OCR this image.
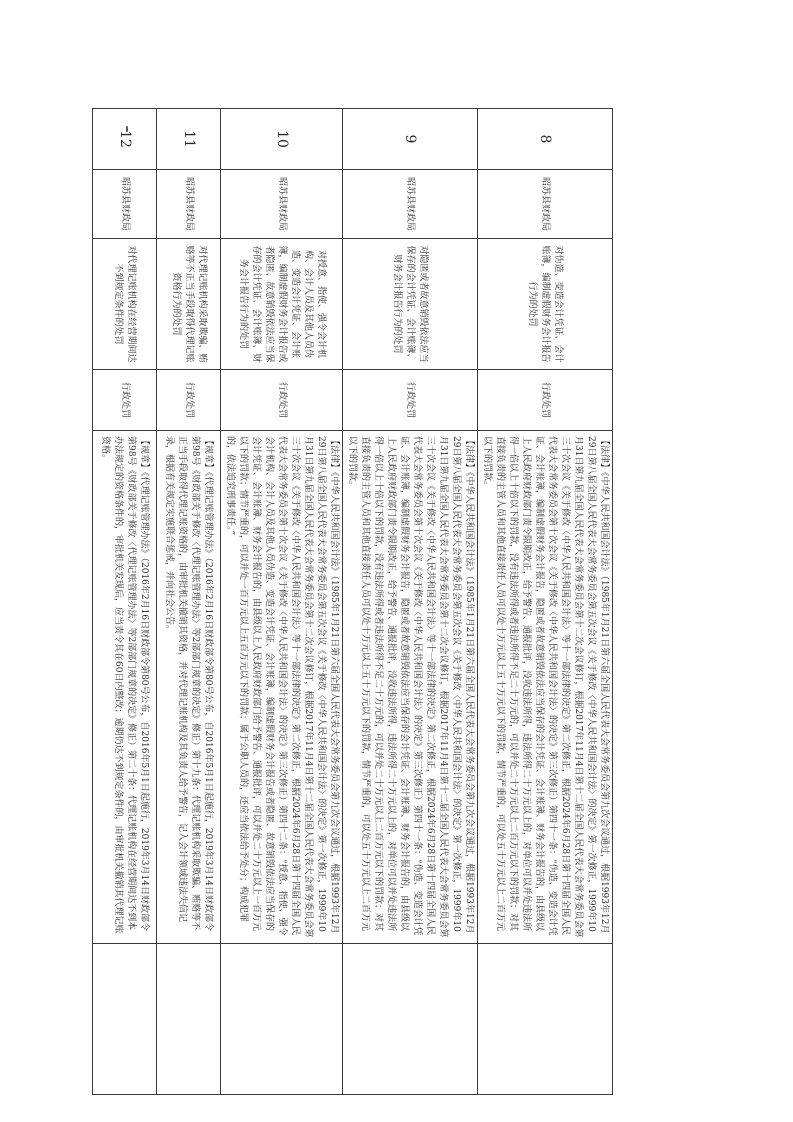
8	昭苏县财政局	对伪造、变造会计凭证、会计账簿，编制虚假财务会计报告行为的处罚	行政处罚	【法律】《中华人民共和国会计法》（1985年1月21日第六届全国人民代表大会常务委员会第九次会议通过，根据1993年12月29日第八届全国人民代表大会常务委员会第五次会议《关于修改〈中华人民共和国会计法〉的决定》第一次修正，1999年10月31日第九届全国人民代表大会常务委员会第十二次会议修订，根据2017年11月4日第十二届全国人民代表大会常务委员会第三十次会议《关于修改〈中华人民共和国会计法〉等十一部法律的决定》第二次修正，根据2024年6月28日第十四届全国人民代表大会常务委员会第十次会议《关于修改〈中华人民共和国会计法〉的决定》第三次修正）第四十一条：“伪造、变造会计凭证、会计账簿，编制虚假财务会计报告，隐匿或者故意销毁依法应当保存的会计凭证、会计账簿、财务会计报告的，由县级以上人民政府财政部门责令限期改正，给予警告、通报批评，没收违法所得，违法所得二十万元以上的，对单位可以并处违法所得一倍以上十倍以下的罚款，没有违法所得或者违法所得不足二十万元的，可以并处二十万元以上二百万元以下的罚款；对其直接负责的主管人员和其他直接责任人员可以处十万元以上五十万元以下的罚款，情节严重的，可以处五十万元以上二百万元以下的罚款。	
9	昭苏县财政局	对隐匿或者故意销毁依法应当保存的会计凭证、会计账簿、财务会计报告行为的处罚	行政处罚	【法律】《中华人民共和国会计法》（1985年1月21日第六届全国人民代表大会常务委员会第九次会议通过，根据1993年12月29日第八届全国人民代表大会常务委员会第五次会议《关于修改〈中华人民共和国会计法〉的决定》第一次修正，1999年10月31日第九届全国人民代表大会常务委员会第十二次会议修订，根据2017年11月4日第十二届全国人民代表大会常务委员会第三十次会议《关于修改〈中华人民共和国会计法〉等十一部法律的决定》第二次修正，根据2024年6月28日第十四届全国人民代表大会常务委员会第十次会议《关于修改〈中华人民共和国会计法〉的决定》第三次修正）第四十一条：“伪造、变造会计凭证、会计账簿，编制虚假财务会计报告，隐匿或者故意销毁依法应当保存的会计凭证、会计账簿、财务会计报告的，由县级以上人民政府财政部门责令限期改正，给予警告、通报批评，没收违法所得，违法所得二十万元以上的，对单位可以并处违法所得一倍以上十倍以下的罚款，没有违法所得或者违法所得不足二十万元的，可以并处二十万元以上二百万元以下的罚款；对其直接负责的主管人员和其他直接责任人员可以处十万元以上五十万元以下的罚款，情节严重的，可以处五十万元以上二百万元以下的罚款。	
10	昭苏县财政局	对授意、指使、强令会计机构、会计人员及其他人员伪造、变造会计凭证、会计账簿，编制虚假财务会计报告或者隐匿、故意销毁依法应当保存的会计凭证、会计账簿、财务会计报告行为的处罚	行政处罚	【法律】《中华人民共和国会计法》（1985年1月21日第六届全国人民代表大会常务委员会第九次会议通过，根据1993年12月29日第八届全国人民代表大会常务委员会第五次会议《关于修改〈中华人民共和国会计法〉的决定》第一次修正，1999年10月31日第九届全国人民代表大会常务委员会第十二次会议修订，根据2017年11月4日第十二届全国人民代表大会常务委员会第三十次会议《关于修改〈中华人民共和国会计法〉等十一部法律的决定》第二次修正，根据2024年6月28日第十四届全国人民代表大会常务委员会第十次会议《关于修改〈中华人民共和国会计法〉的决定》第三次修正）第四十二条：“授意、指使、强令会计机构、会计人员及其他人员伪造、变造会计凭证、会计账簿，编制虚假财务会计报告或者隐匿、故意销毁依法应当保存的会计凭证、会计账簿、财务会计报告的，由县级以上人民政府财政部门给予警告、通报批评，可以并处二十万元以上一百万元以下的罚款；情节严重的，可以并处一百万元以上五百万元以下的罚款；属于公职人员的，还应当依法给予处分；构成犯罪的，依法追究刑事责任。”	
11	昭苏县财政局	对代理记账机构采取欺骗、贿赂等不正当手段取得代理记账资格行为的处罚	行政处罚	【规章】《代理记账管理办法》（2016年2月16日财政部令第80号公布，自2016年5月1日起施行，2019年3月14日财政部令第98号《财政部关于修改〈代理记账管理办法〉等2部部门规章的决定》修正）第十九条：代理记账机构采取欺骗、贿赂等不正当手段取得代理记账资格的，由审批机关撤销其资格，并对代理记账机构及其负责人给予警告，记入会计领域违法失信记录，根据有关规定实施联合惩戒，并向社会公告。	
12	昭苏县财政局	对代理记账机构在经营期间达不到规定条件的处罚	行政处罚	【规章】《代理记账管理办法》（2016年2月16日财政部令第80号公布，自2016年5月1日起施行，2019年3月14日财政部令第98号《财政部关于修改〈代理记账管理办法〉等2部部门规章的决定》修正）第二十条：代理记账机构在经营期间达不到本办法规定的资格条件的，审批机关发现后，应当责令其在60日内整改；逾期仍达不到规定条件的，由审批机关撤销其代理记账资格。	
